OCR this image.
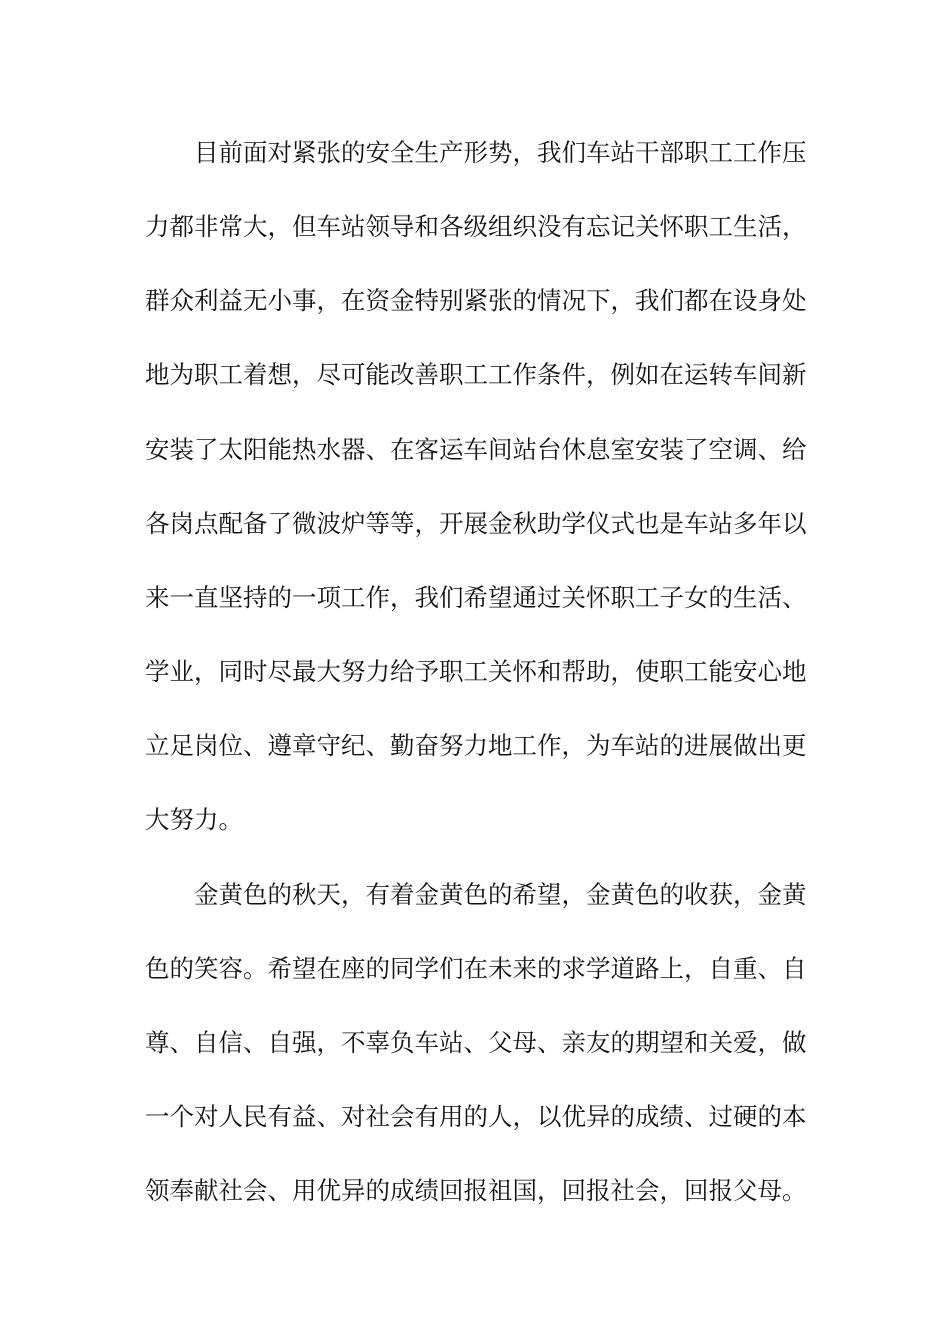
目前面对紧张的安全生产形势，我们车站干部职工工作压
力都非常大，但车站领导和各级组织没有忘记关怀职工生活，
群众利益无小事，在资金特别紧张的情况下，我们都在设身处
地为职工着想，尽可能改善职工工作条件，例如在运转车间新
安装了太阳能热水器、在客运车间站台休息室安装了空调、给
各岗点配备了微波炉等等，开展金秋助学仪式也是车站多年以
来一直坚持的一项工作，我们希望通过关怀职工子女的生活、
学业，同时尽最大努力给予职工关怀和帮助，使职工能安心地
立足岗位、遵章守纪、勤奋努力地工作，为车站的进展做出更
大努力。
金黄色的秋天，有着金黄色的希望，金黄色的收获，金黄
色的笑容。希望在座的同学们在未来的求学道路上，自重、自
尊、自信、自强，不辜负车站、父母、亲友的期望和关爱，做
一个对人民有益、对社会有用的人，以优异的成绩、过硬的本
领奉献社会、用优异的成绩回报祖国，回报社会，回报父母。
